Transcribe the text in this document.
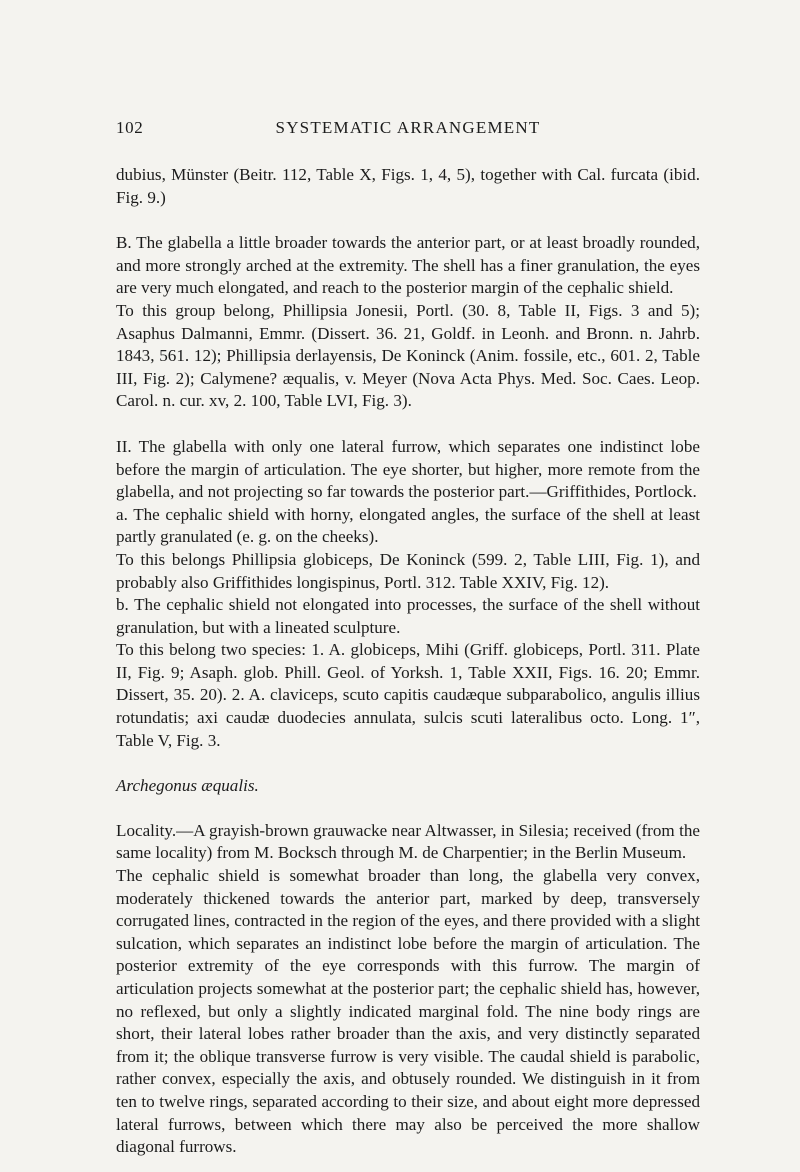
102	SYSTEMATIC ARRANGEMENT

dubius, Münster (Beitr. 112, Table X, Figs. 1, 4, 5), together with Cal. furcata (ibid. Fig. 9.)

B. The glabella a little broader towards the anterior part, or at least broadly rounded, and more strongly arched at the extremity. The shell has a finer granulation, the eyes are very much elongated, and reach to the posterior margin of the cephalic shield.

To this group belong, Phillipsia Jonesii, Portl. (30. 8, Table II, Figs. 3 and 5); Asaphus Dalmanni, Emmr. (Dissert. 36. 21, Goldf. in Leonh. and Bronn. n. Jahrb. 1843, 561. 12); Phillipsia derlayensis, De Koninck (Anim. fossile, etc., 601. 2, Table III, Fig. 2); Calymene? æqualis, v. Meyer (Nova Acta Phys. Med. Soc. Caes. Leop. Carol. n. cur. xv, 2. 100, Table LVI, Fig. 3).

II. The glabella with only one lateral furrow, which separates one indistinct lobe before the margin of articulation. The eye shorter, but higher, more remote from the glabella, and not projecting so far towards the posterior part.—Griffithides, Portlock.

a. The cephalic shield with horny, elongated angles, the surface of the shell at least partly granulated (e. g. on the cheeks).

To this belongs Phillipsia globiceps, De Koninck (599. 2, Table LIII, Fig. 1), and probably also Griffithides longispinus, Portl. 312. Table XXIV, Fig. 12).

b. The cephalic shield not elongated into processes, the surface of the shell without granulation, but with a lineated sculpture.

To this belong two species: 1. A. globiceps, Mihi (Griff. globiceps, Portl. 311. Plate II, Fig. 9; Asaph. glob. Phill. Geol. of Yorksh. 1, Table XXII, Figs. 16. 20; Emmr. Dissert, 35. 20). 2. A. claviceps, scuto capitis caudæque subparabolico, angulis illius rotundatis; axi caudæ duodecies annulata, sulcis scuti lateralibus octo. Long. 1″, Table V, Fig. 3.

Archegonus æqualis.

Locality.—A grayish-brown grauwacke near Altwasser, in Silesia; received (from the same locality) from M. Bocksch through M. de Charpentier; in the Berlin Museum.

The cephalic shield is somewhat broader than long, the glabella very convex, moderately thickened towards the anterior part, marked by deep, transversely corrugated lines, contracted in the region of the eyes, and there provided with a slight sulcation, which separates an indistinct lobe before the margin of articulation. The posterior extremity of the eye corresponds with this furrow. The margin of articulation projects somewhat at the posterior part; the cephalic shield has, however, no reflexed, but only a slightly indicated marginal fold. The nine body rings are short, their lateral lobes rather broader than the axis, and very distinctly separated from it; the oblique transverse furrow is very visible. The caudal shield is parabolic, rather convex, especially the axis, and obtusely rounded. We distinguish in it from ten to twelve rings, separated according to their size, and about eight more depressed lateral furrows, between which there may also be perceived the more shallow diagonal furrows.
